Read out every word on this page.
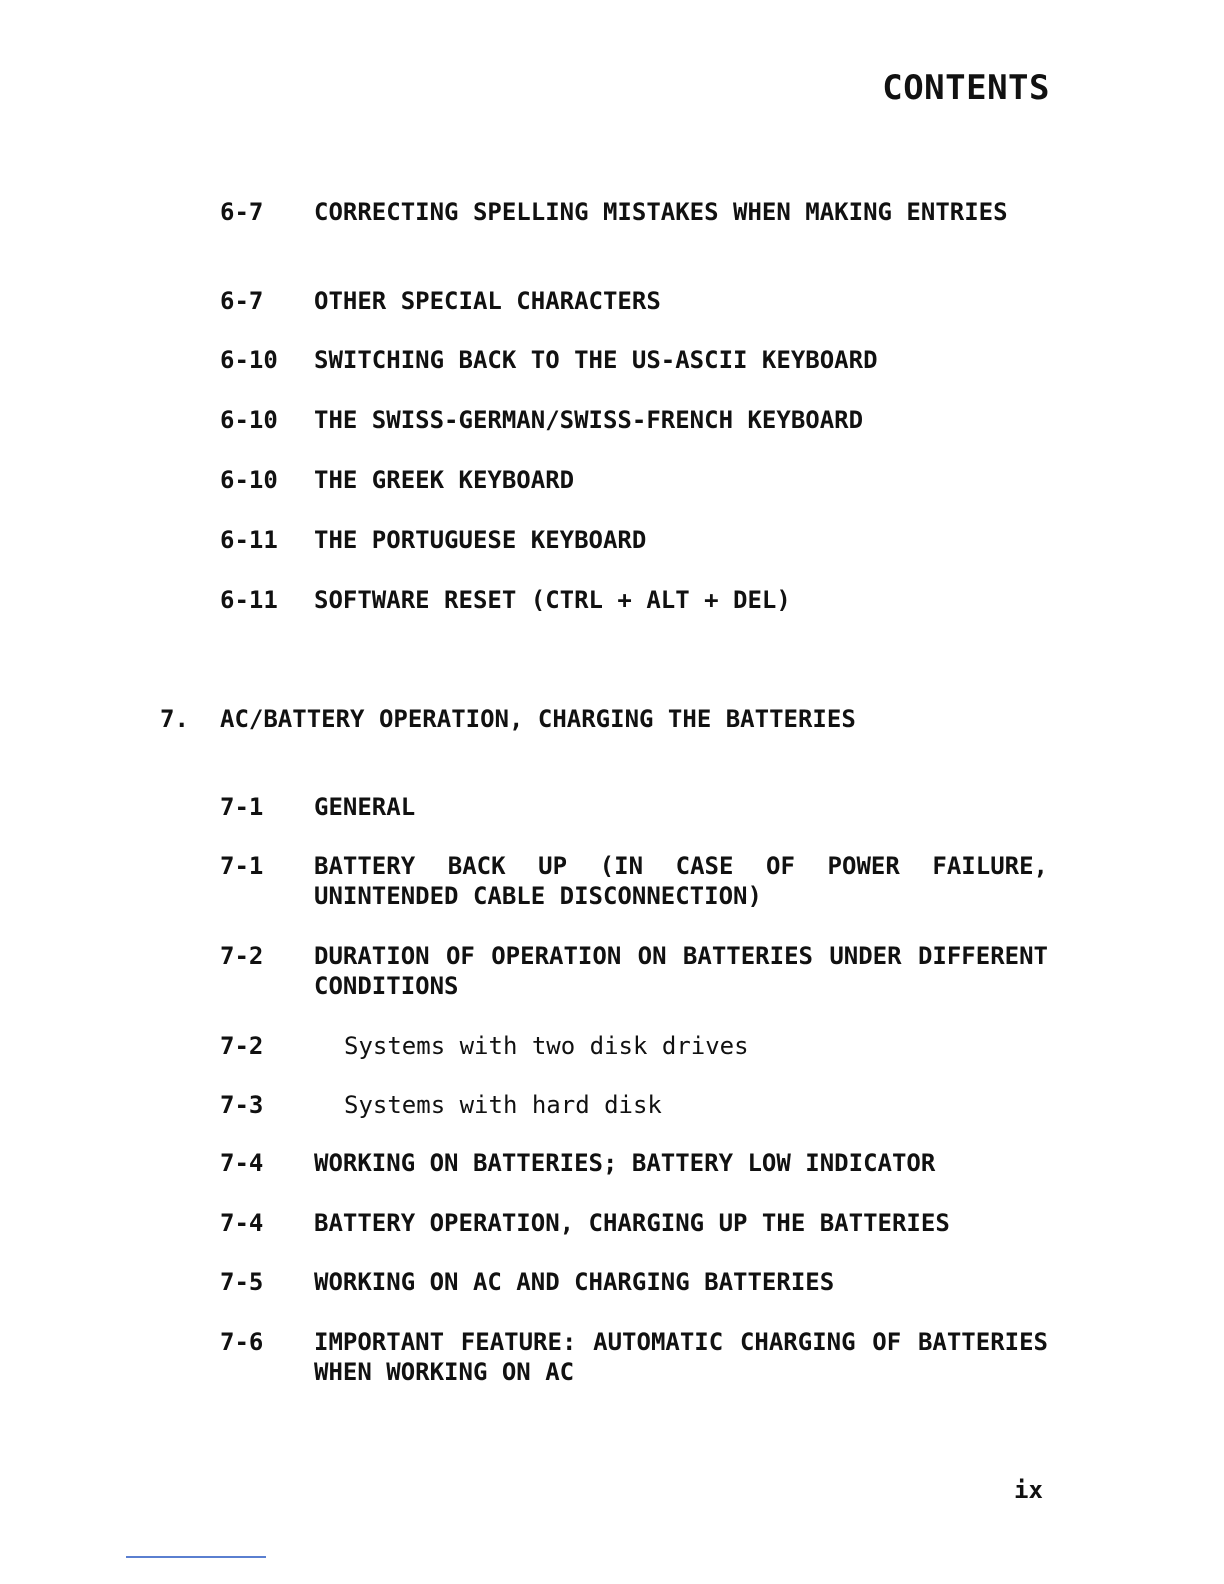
CONTENTS
6-7	CORRECTING SPELLING MISTAKES WHEN MAKING ENTRIES
6-7	OTHER SPECIAL CHARACTERS
6-10	SWITCHING BACK TO THE US-ASCII KEYBOARD
6-10	THE SWISS-GERMAN/SWISS-FRENCH KEYBOARD
6-10	THE GREEK KEYBOARD
6-11	THE PORTUGUESE KEYBOARD
6-11	SOFTWARE RESET (CTRL + ALT + DEL)
7. AC/BATTERY OPERATION, CHARGING THE BATTERIES
7-1	GENERAL
7-1	BATTERY BACK UP (IN CASE OF POWER FAILURE, UNINTENDED CABLE DISCONNECTION)
7-2	DURATION OF OPERATION ON BATTERIES UNDER DIFFERENT CONDITIONS
7-2	Systems with two disk drives
7-3	Systems with hard disk
7-4	WORKING ON BATTERIES; BATTERY LOW INDICATOR
7-4	BATTERY OPERATION, CHARGING UP THE BATTERIES
7-5	WORKING ON AC AND CHARGING BATTERIES
7-6	IMPORTANT FEATURE: AUTOMATIC CHARGING OF BATTERIES WHEN WORKING ON AC
ix
